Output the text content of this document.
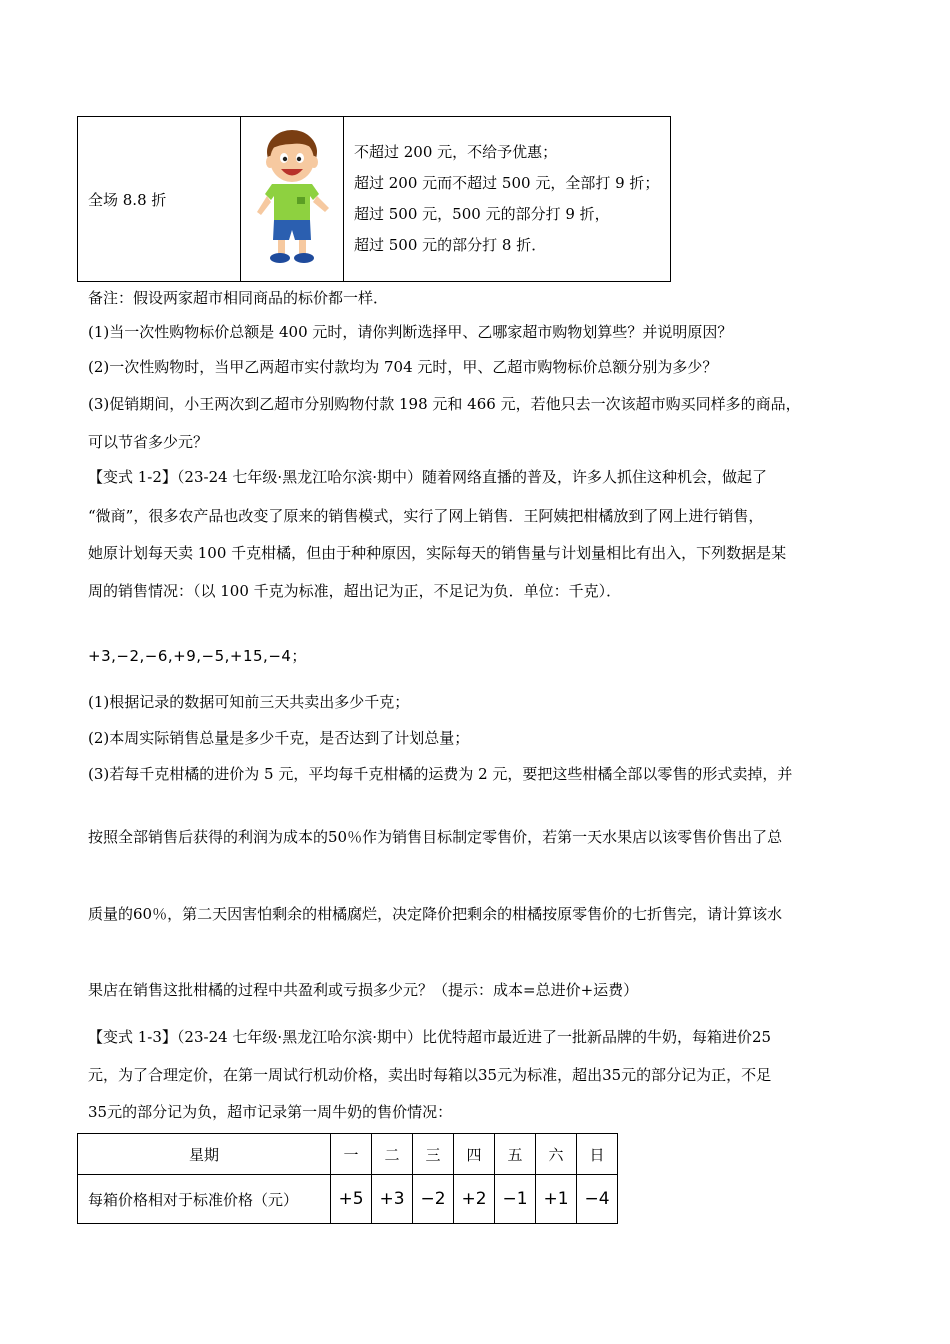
全场 8.8 折		
不超过 200 元，不给予优惠；
超过 200 元而不超过 500 元，全部打 9 折；
超过 500 元，500 元的部分打 9 折，
超过 500 元的部分打 8 折．
备注：假设两家超市相同商品的标价都一样．
(1)当一次性购物标价总额是 400 元时，请你判断选择甲、乙哪家超市购物划算些？并说明原因？
(2)一次性购物时，当甲乙两超市实付款均为 704 元时，甲、乙超市购物标价总额分别为多少？
(3)促销期间，小王两次到乙超市分别购物付款 198 元和 466 元，若他只去一次该超市购买同样多的商品，
可以节省多少元？
【变式 1-2】（23-24 七年级·黑龙江哈尔滨·期中）随着网络直播的普及，许多人抓住这种机会，做起了
“微商”，很多农产品也改变了原来的销售模式，实行了网上销售．王阿姨把柑橘放到了网上进行销售，
她原计划每天卖 100 千克柑橘，但由于种种原因，实际每天的销售量与计划量相比有出入，下列数据是某
周的销售情况：（以 100 千克为标准，超出记为正，不足记为负．单位：千克）．
+3,−2,−6,+9,−5,+15,−4；
(1)根据记录的数据可知前三天共卖出多少千克；
(2)本周实际销售总量是多少千克，是否达到了计划总量；
(3)若每千克柑橘的进价为 5 元，平均每千克柑橘的运费为 2 元，要把这些柑橘全部以零售的形式卖掉，并
按照全部销售后获得的利润为成本的50％作为销售目标制定零售价，若第一天水果店以该零售价售出了总
质量的60％，第二天因害怕剩余的柑橘腐烂，决定降价把剩余的柑橘按原零售价的七折售完，请计算该水
果店在销售这批柑橘的过程中共盈利或亏损多少元？（提示：成本=总进价+运费）
【变式 1-3】（23-24 七年级·黑龙江哈尔滨·期中）比优特超市最近进了一批新品牌的牛奶，每箱进价25
元，为了合理定价，在第一周试行机动价格，卖出时每箱以35元为标准，超出35元的部分记为正，不足
35元的部分记为负，超市记录第一周牛奶的售价情况：
星期	一	二	三	四	五	六	日
每箱价格相对于标准价格（元）	+5	+3	−2	+2	−1	+1	−4
